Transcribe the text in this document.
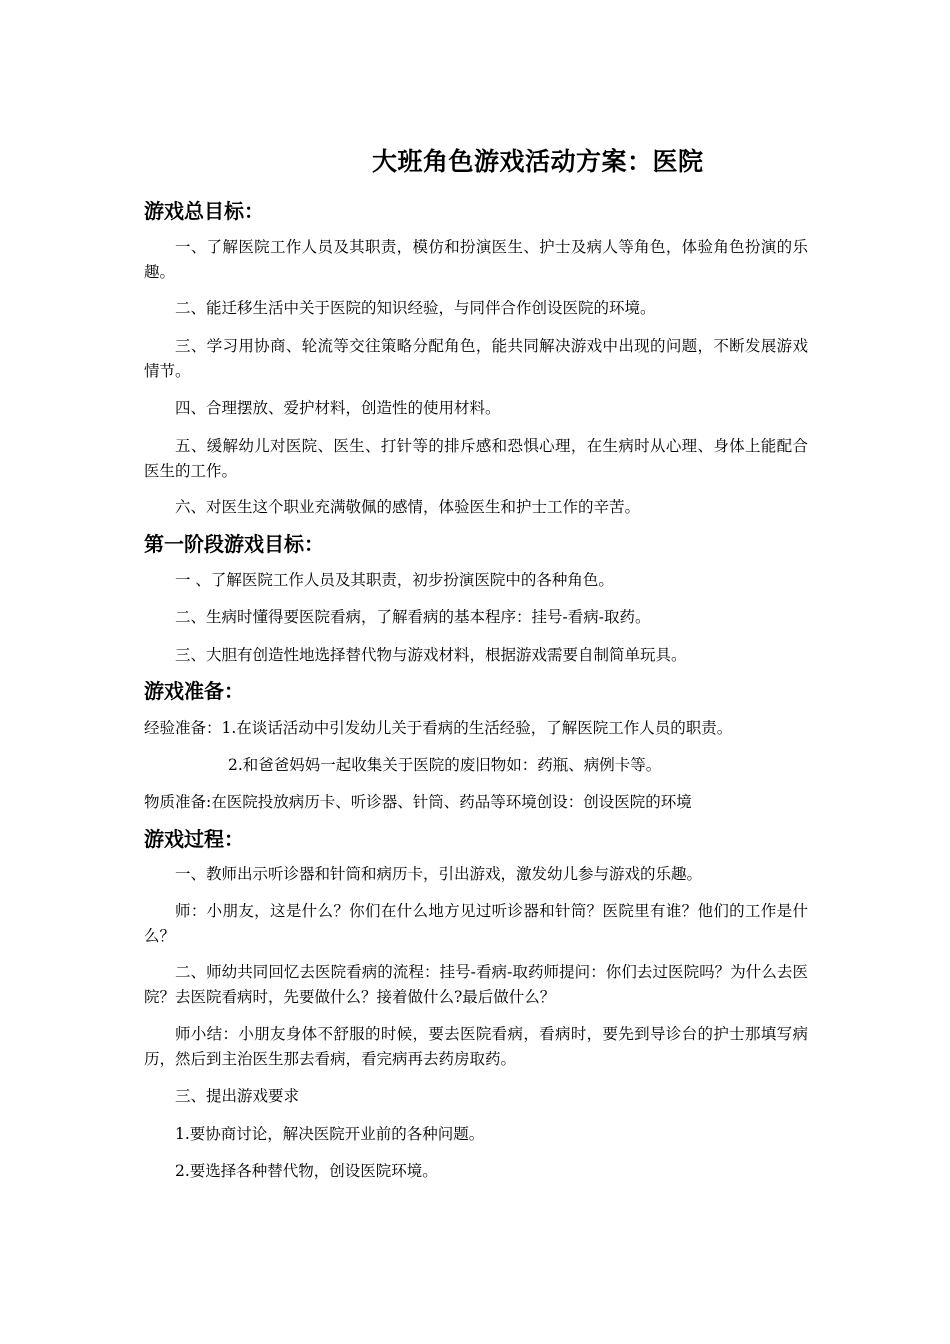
大班角色游戏活动方案：医院
游戏总目标：

一、了解医院工作人员及其职责，模仿和扮演医生、护士及病人等角色，体验角色扮演的乐趣。

二、能迁移生活中关于医院的知识经验，与同伴合作创设医院的环境。

三、学习用协商、轮流等交往策略分配角色，能共同解决游戏中出现的问题，不断发展游戏情节。

四、合理摆放、爱护材料，创造性的使用材料。

五、缓解幼儿对医院、医生、打针等的排斥感和恐惧心理，在生病时从心理、身体上能配合医生的工作。

六、对医生这个职业充满敬佩的感情，体验医生和护士工作的辛苦。

第一阶段游戏目标：

一 、了解医院工作人员及其职责，初步扮演医院中的各种角色。

二、生病时懂得要医院看病，了解看病的基本程序：挂号-看病-取药。

三、大胆有创造性地选择替代物与游戏材料，根据游戏需要自制简单玩具。

游戏准备：

经验准备：1.在谈话活动中引发幼儿关于看病的生活经验，了解医院工作人员的职责。

2.和爸爸妈妈一起收集关于医院的废旧物如：药瓶、病例卡等。

物质准备:在医院投放病历卡、听诊器、针筒、药品等环境创设：创设医院的环境

游戏过程：

一、教师出示听诊器和针筒和病历卡，引出游戏，激发幼儿参与游戏的乐趣。

师：小朋友，这是什么？你们在什么地方见过听诊器和针筒？医院里有谁？他们的工作是什么？

二、师幼共同回忆去医院看病的流程：挂号-看病-取药师提问：你们去过医院吗？为什么去医院？去医院看病时，先要做什么？接着做什么?最后做什么？

师小结：小朋友身体不舒服的时候，要去医院看病，看病时，要先到导诊台的护士那填写病历，然后到主治医生那去看病，看完病再去药房取药。

三、提出游戏要求

1.要协商讨论，解决医院开业前的各种问题。

2.要选择各种替代物，创设医院环境。
